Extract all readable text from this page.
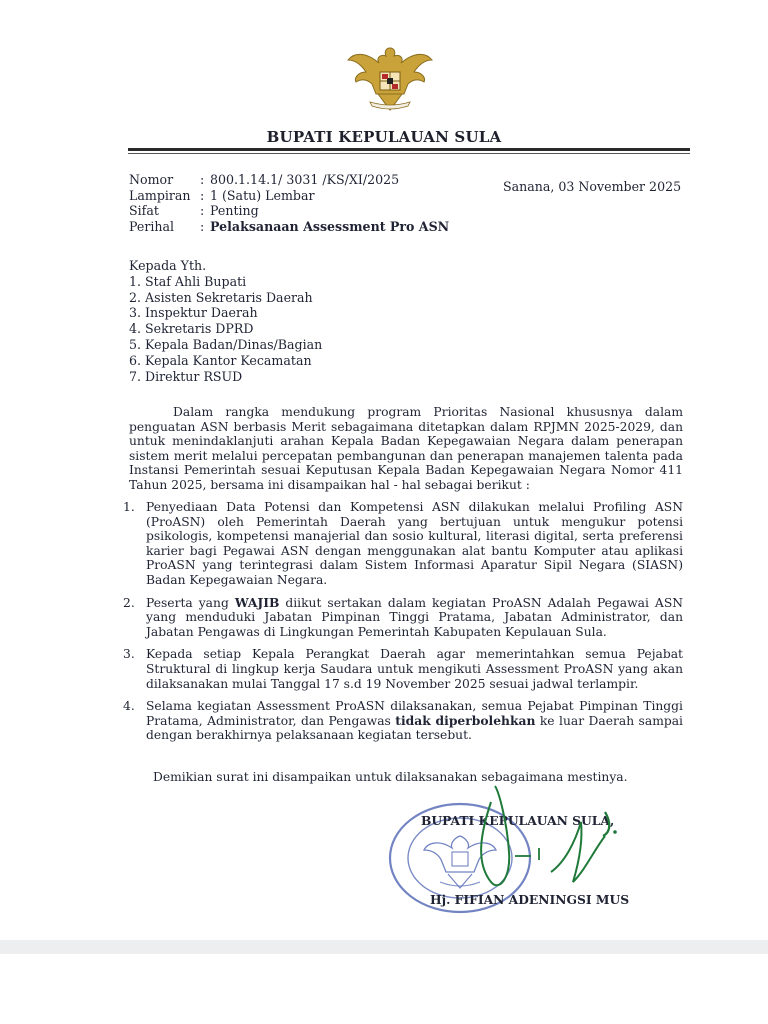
BUPATI KEPULAUAN SULA
Nomor	: 800.1.14.1/ 3031 /KS/XI/2025
Lampiran : 1 (Satu) Lembar
Sifat	: Penting
Perihal	: Pelaksanaan Assessment Pro ASN
Sanana, 03 November 2025
Kepada Yth.
1. Staf Ahli Bupati
2. Asisten Sekretaris Daerah
3. Inspektur Daerah
4. Sekretaris DPRD
5. Kepala Badan/Dinas/Bagian
6. Kepala Kantor Kecamatan
7. Direktur RSUD

Dalam rangka mendukung program Prioritas Nasional khususnya dalam penguatan ASN berbasis Merit sebagaimana ditetapkan dalam RPJMN 2025-2029, dan untuk menindaklanjuti arahan Kepala Badan Kepegawaian Negara dalam penerapan sistem merit melalui percepatan pembangunan dan penerapan manajemen talenta pada Instansi Pemerintah sesuai Keputusan Kepala Badan Kepegawaian Negara Nomor 411 Tahun 2025, bersama ini disampaikan hal - hal sebagai berikut :

1. Penyediaan Data Potensi dan Kompetensi ASN dilakukan melalui Profiling ASN (ProASN) oleh Pemerintah Daerah yang bertujuan untuk mengukur potensi psikologis, kompetensi manajerial dan sosio kultural, literasi digital, serta preferensi karier bagi Pegawai ASN dengan menggunakan alat bantu Komputer atau aplikasi ProASN yang terintegrasi dalam Sistem Informasi Aparatur Sipil Negara (SIASN) Badan Kepegawaian Negara.
2. Peserta yang WAJIB diikut sertakan dalam kegiatan ProASN Adalah Pegawai ASN yang menduduki Jabatan Pimpinan Tinggi Pratama, Jabatan Administrator, dan Jabatan Pengawas di Lingkungan Pemerintah Kabupaten Kepulauan Sula.
3. Kepada setiap Kepala Perangkat Daerah agar memerintahkan semua Pejabat Struktural di lingkup kerja Saudara untuk mengikuti Assessment ProASN yang akan dilaksanakan mulai Tanggal 17 s.d 19 November 2025 sesuai jadwal terlampir.
4. Selama kegiatan Assessment ProASN dilaksanakan, semua Pejabat Pimpinan Tinggi Pratama, Administrator, dan Pengawas tidak diperbolehkan ke luar Daerah sampai dengan berakhirnya pelaksanaan kegiatan tersebut.
Demikian surat ini disampaikan untuk dilaksanakan sebagaimana mestinya.
BUPATI KEPULAUAN SULA,
Hj. FIFIAN ADENINGSI MUS
